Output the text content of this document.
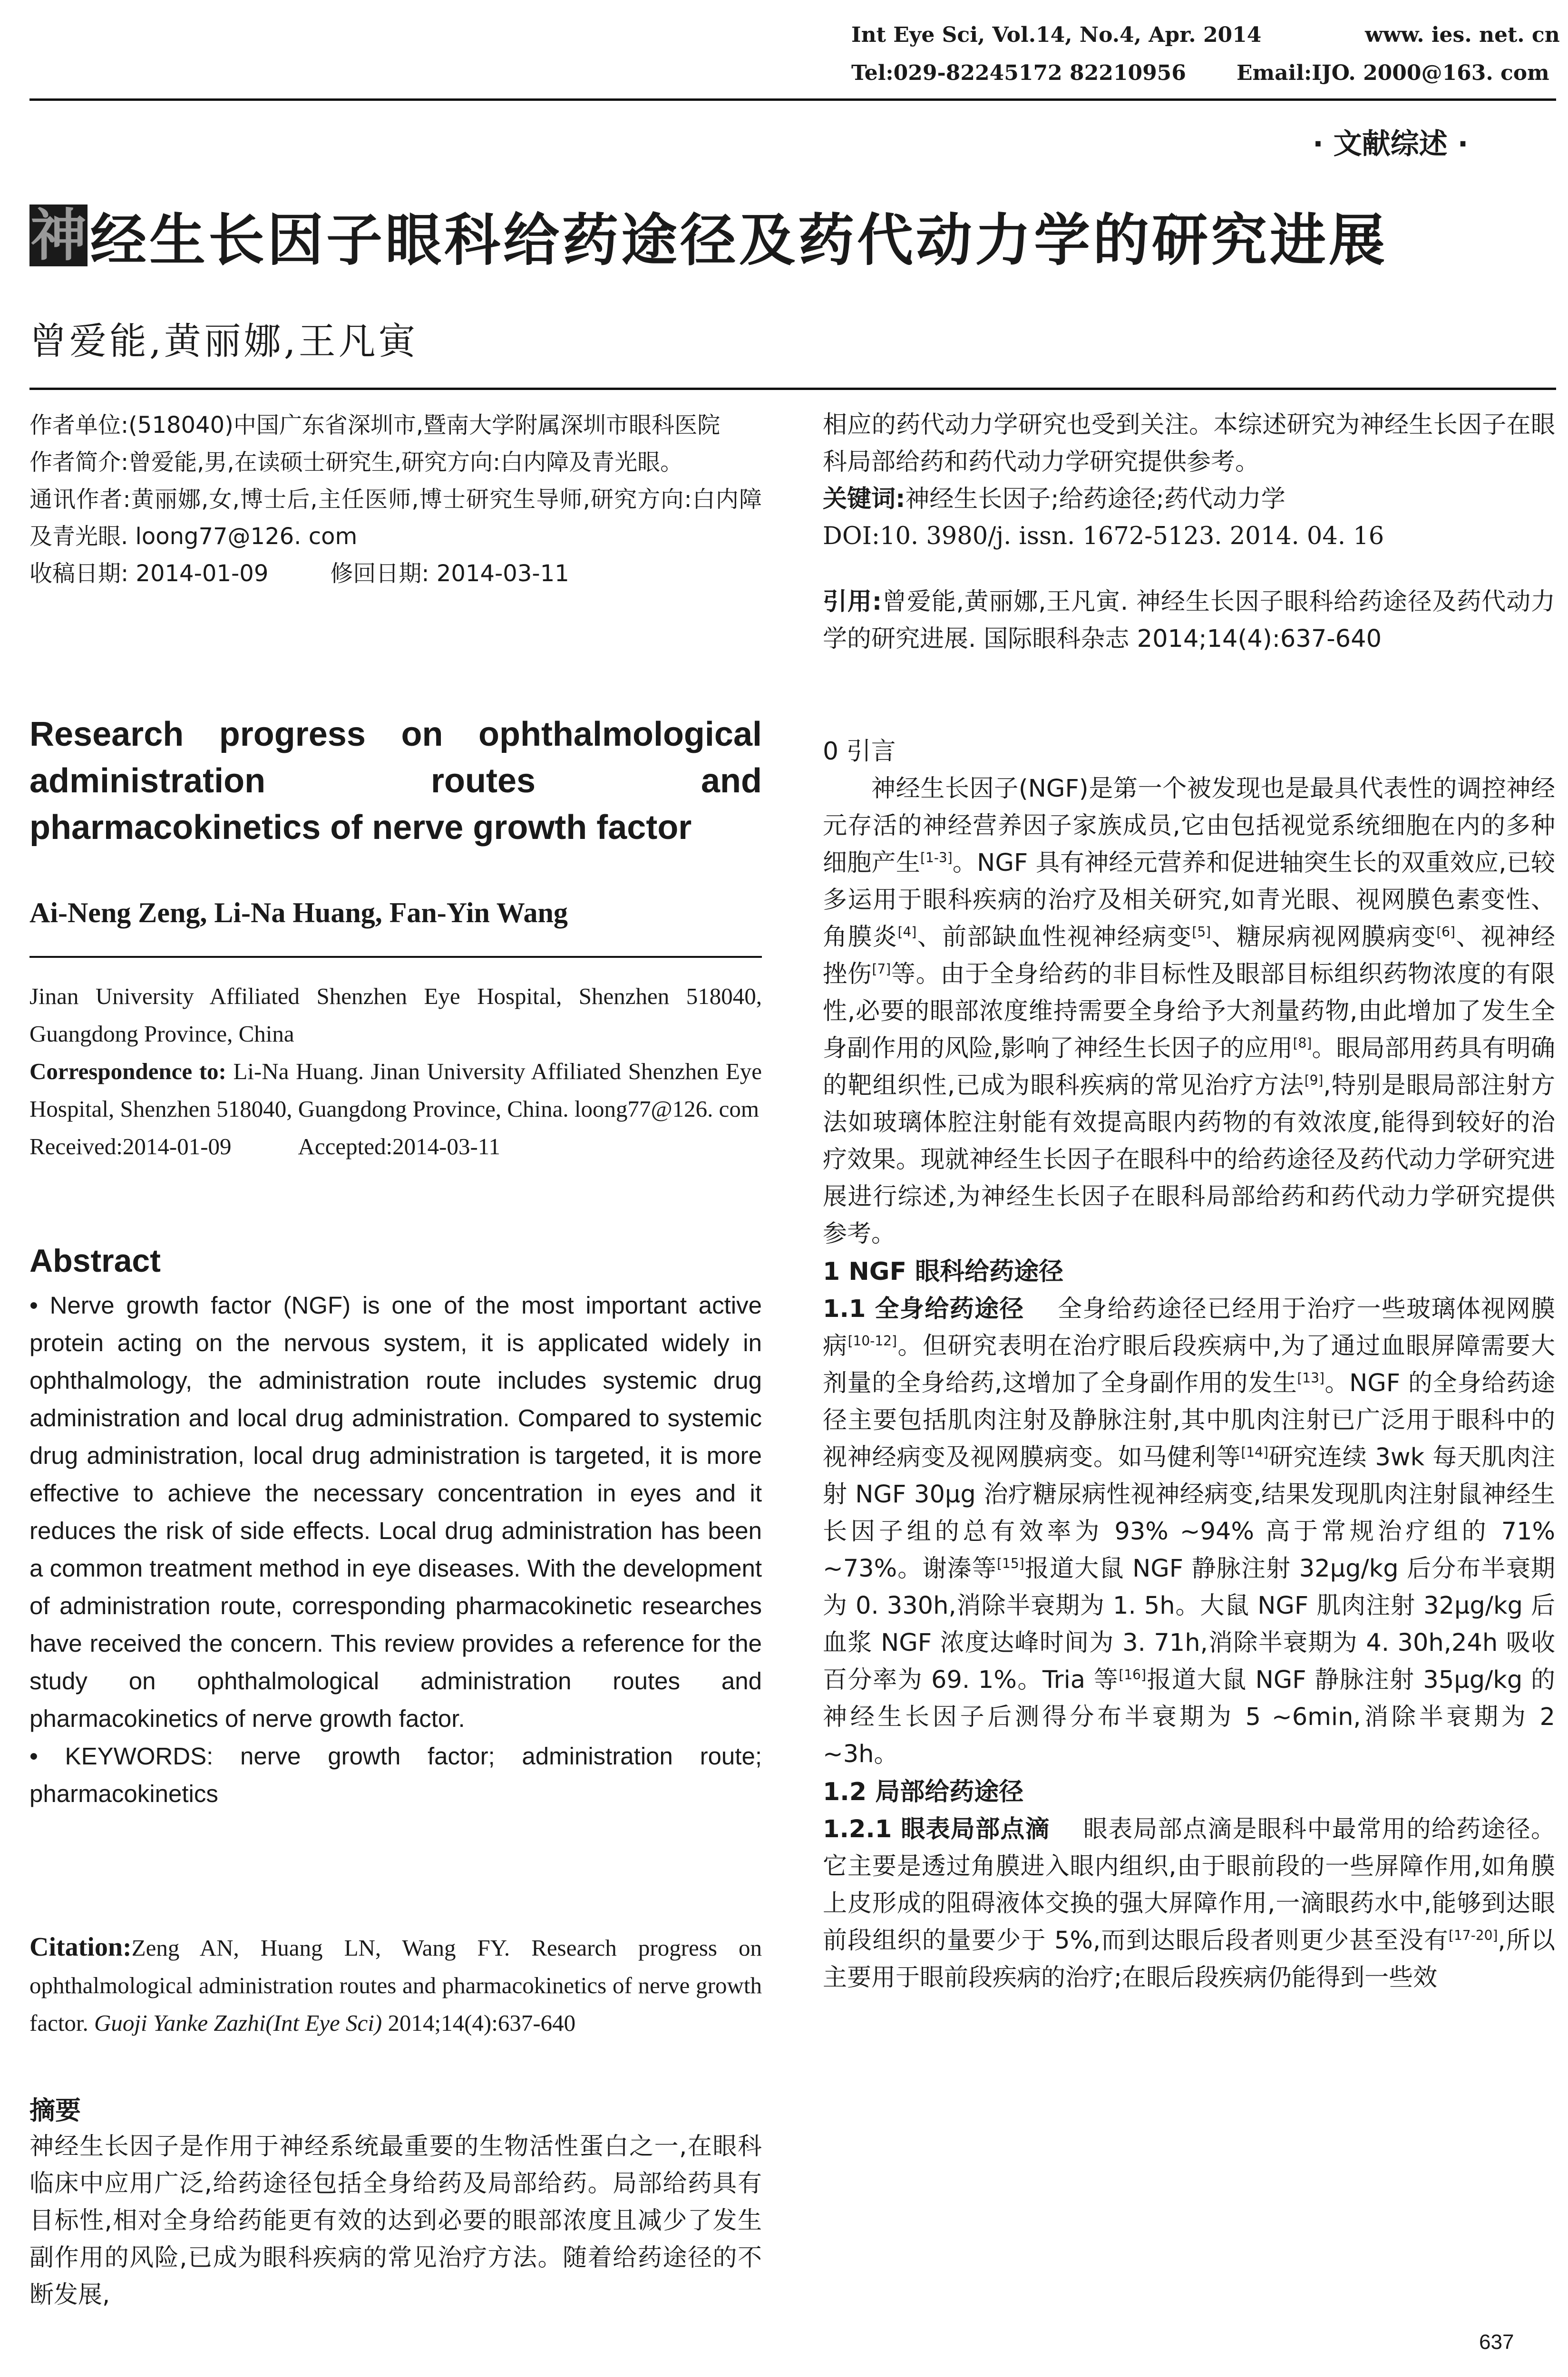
Int Eye Sci, Vol.14, No.4, Apr. 2014	www. ies. net. cn
Tel:029-82245172 82210956 Email:IJO. 2000@163. com
· 文献综述 ·
神 经生长因子眼科给药途径及药代动力学的研究进展
曾爱能,黄丽娜,王凡寅

作者单位:(518040)中国广东省深圳市,暨南大学附属深圳市眼科医院

作者简介:曾爱能,男,在读硕士研究生,研究方向:白内障及青光眼。

通讯作者:黄丽娜,女,博士后,主任医师,博士研究生导师,研究方向:白内障及青光眼. loong77@126. com

收稿日期: 2014-01-09	修回日期: 2014-03-11

Research progress on ophthalmological
administration routes and
pharmacokinetics of nerve growth factor
Ai-Neng Zeng, Li-Na Huang, Fan-Yin Wang

Jinan University Affiliated Shenzhen Eye Hospital, Shenzhen 518040, Guangdong Province, China

Correspondence to: Li-Na Huang. Jinan University Affiliated Shenzhen Eye Hospital, Shenzhen 518040, Guangdong Province, China. loong77@126. com

Received:2014-01-09	Accepted:2014-03-11

Abstract

• Nerve growth factor (NGF) is one of the most important active protein acting on the nervous system, it is applicated widely in ophthalmology, the administration route includes systemic drug administration and local drug administration. Compared to systemic drug administration, local drug administration is targeted, it is more effective to achieve the necessary concentration in eyes and it reduces the risk of side effects. Local drug administration has been a common treatment method in eye diseases. With the development of administration route, corresponding pharmacokinetic researches have received the concern. This review provides a reference for the study on ophthalmological administration routes and pharmacokinetics of nerve growth factor.

• KEYWORDS: nerve growth factor; administration route; pharmacokinetics

Citation:Zeng AN, Huang LN, Wang FY. Research progress on ophthalmological administration routes and pharmacokinetics of nerve growth factor. Guoji Yanke Zazhi(Int Eye Sci) 2014;14(4):637-640
摘要

神经生长因子是作用于神经系统最重要的生物活性蛋白之一,在眼科临床中应用广泛,给药途径包括全身给药及局部给药。局部给药具有目标性,相对全身给药能更有效的达到必要的眼部浓度且减少了发生副作用的风险,已成为眼科疾病的常见治疗方法。随着给药途径的不断发展,

相应的药代动力学研究也受到关注。本综述研究为神经生长因子在眼科局部给药和药代动力学研究提供参考。

关键词:神经生长因子;给药途径;药代动力学

DOI:10. 3980/j. issn. 1672-5123. 2014. 04. 16

引用:曾爱能,黄丽娜,王凡寅. 神经生长因子眼科给药途径及药代动力学的研究进展. 国际眼科杂志 2014;14(4):637-640

0 引言

神经生长因子(NGF)是第一个被发现也是最具代表性的调控神经元存活的神经营养因子家族成员,它由包括视觉系统细胞在内的多种细胞产生[1-3]。NGF 具有神经元营养和促进轴突生长的双重效应,已较多运用于眼科疾病的治疗及相关研究,如青光眼、视网膜色素变性、角膜炎[4]、前部缺血性视神经病变[5]、糖尿病视网膜病变[6]、视神经挫伤[7]等。由于全身给药的非目标性及眼部目标组织药物浓度的有限性,必要的眼部浓度维持需要全身给予大剂量药物,由此增加了发生全身副作用的风险,影响了神经生长因子的应用[8]。眼局部用药具有明确的靶组织性,已成为眼科疾病的常见治疗方法[9],特别是眼局部注射方法如玻璃体腔注射能有效提高眼内药物的有效浓度,能得到较好的治疗效果。现就神经生长因子在眼科中的给药途径及药代动力学研究进展进行综述,为神经生长因子在眼科局部给药和药代动力学研究提供参考。

1 NGF 眼科给药途径

1.1 全身给药途径 全身给药途径已经用于治疗一些玻璃体视网膜病[10-12]。但研究表明在治疗眼后段疾病中,为了通过血眼屏障需要大剂量的全身给药,这增加了全身副作用的发生[13]。NGF 的全身给药途径主要包括肌肉注射及静脉注射,其中肌肉注射已广泛用于眼科中的视神经病变及视网膜病变。如马健利等[14]研究连续 3wk 每天肌肉注射 NGF 30μg 治疗糖尿病性视神经病变,结果发现肌肉注射鼠神经生长因子组的总有效率为 93% ~94% 高于常规治疗组的 71% ~73%。谢溱等[15]报道大鼠 NGF 静脉注射 32μg/kg 后分布半衰期为 0. 330h,消除半衰期为 1. 5h。大鼠 NGF 肌肉注射 32μg/kg 后血浆 NGF 浓度达峰时间为 3. 71h,消除半衰期为 4. 30h,24h 吸收百分率为 69. 1%。Tria 等[16]报道大鼠 NGF 静脉注射 35μg/kg 的神经生长因子后测得分布半衰期为 5 ~6min,消除半衰期为 2 ~3h。

1.2 局部给药途径

1.2.1 眼表局部点滴 眼表局部点滴是眼科中最常用的给药途径。它主要是透过角膜进入眼内组织,由于眼前段的一些屏障作用,如角膜上皮形成的阻碍液体交换的强大屏障作用,一滴眼药水中,能够到达眼前段组织的量要少于 5%,而到达眼后段者则更少甚至没有[17-20],所以主要用于眼前段疾病的治疗;在眼后段疾病仍能得到一些效

637
